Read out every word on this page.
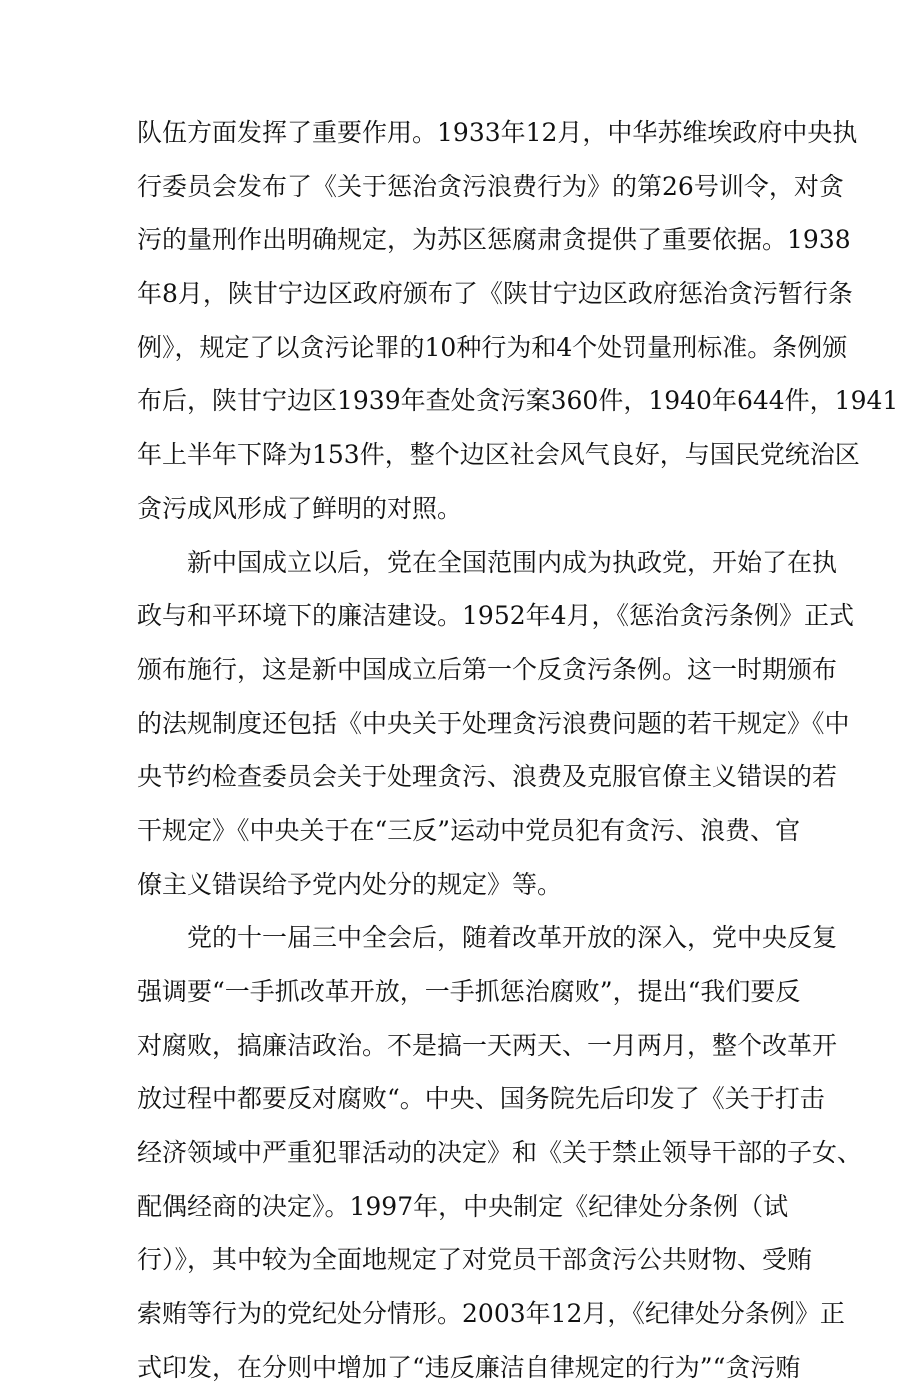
队伍方面发挥了重要作用。1933年12月，中华苏维埃政府中央执
行委员会发布了《关于惩治贪污浪费行为》的第26号训令，对贪
污的量刑作出明确规定，为苏区惩腐肃贪提供了重要依据。1938
年8月，陕甘宁边区政府颁布了《陕甘宁边区政府惩治贪污暂行条
例》，规定了以贪污论罪的10种行为和4个处罚量刑标准。条例颁
布后，陕甘宁边区1939年查处贪污案360件，1940年644件，1941
年上半年下降为153件，整个边区社会风气良好，与国民党统治区
贪污成风形成了鲜明的对照。
新中国成立以后，党在全国范围内成为执政党，开始了在执
政与和平环境下的廉洁建设。1952年4月，《惩治贪污条例》正式
颁布施行，这是新中国成立后第一个反贪污条例。这一时期颁布
的法规制度还包括《中央关于处理贪污浪费问题的若干规定》《中
央节约检查委员会关于处理贪污、浪费及克服官僚主义错误的若
干规定》《中央关于在“三反”运动中党员犯有贪污、浪费、官
僚主义错误给予党内处分的规定》等。
党的十一届三中全会后，随着改革开放的深入，党中央反复
强调要“一手抓改革开放，一手抓惩治腐败”，提出“我们要反
对腐败，搞廉洁政治。不是搞一天两天、一月两月，整个改革开
放过程中都要反对腐败“。中央、国务院先后印发了《关于打击
经济领域中严重犯罪活动的决定》和《关于禁止领导干部的子女、
配偶经商的决定》。1997年，中央制定《纪律处分条例（试
行）》，其中较为全面地规定了对党员干部贪污公共财物、受贿
索贿等行为的党纪处分情形。2003年12月，《纪律处分条例》正
式印发，在分则中增加了“违反廉洁自律规定的行为”“贪污贿
